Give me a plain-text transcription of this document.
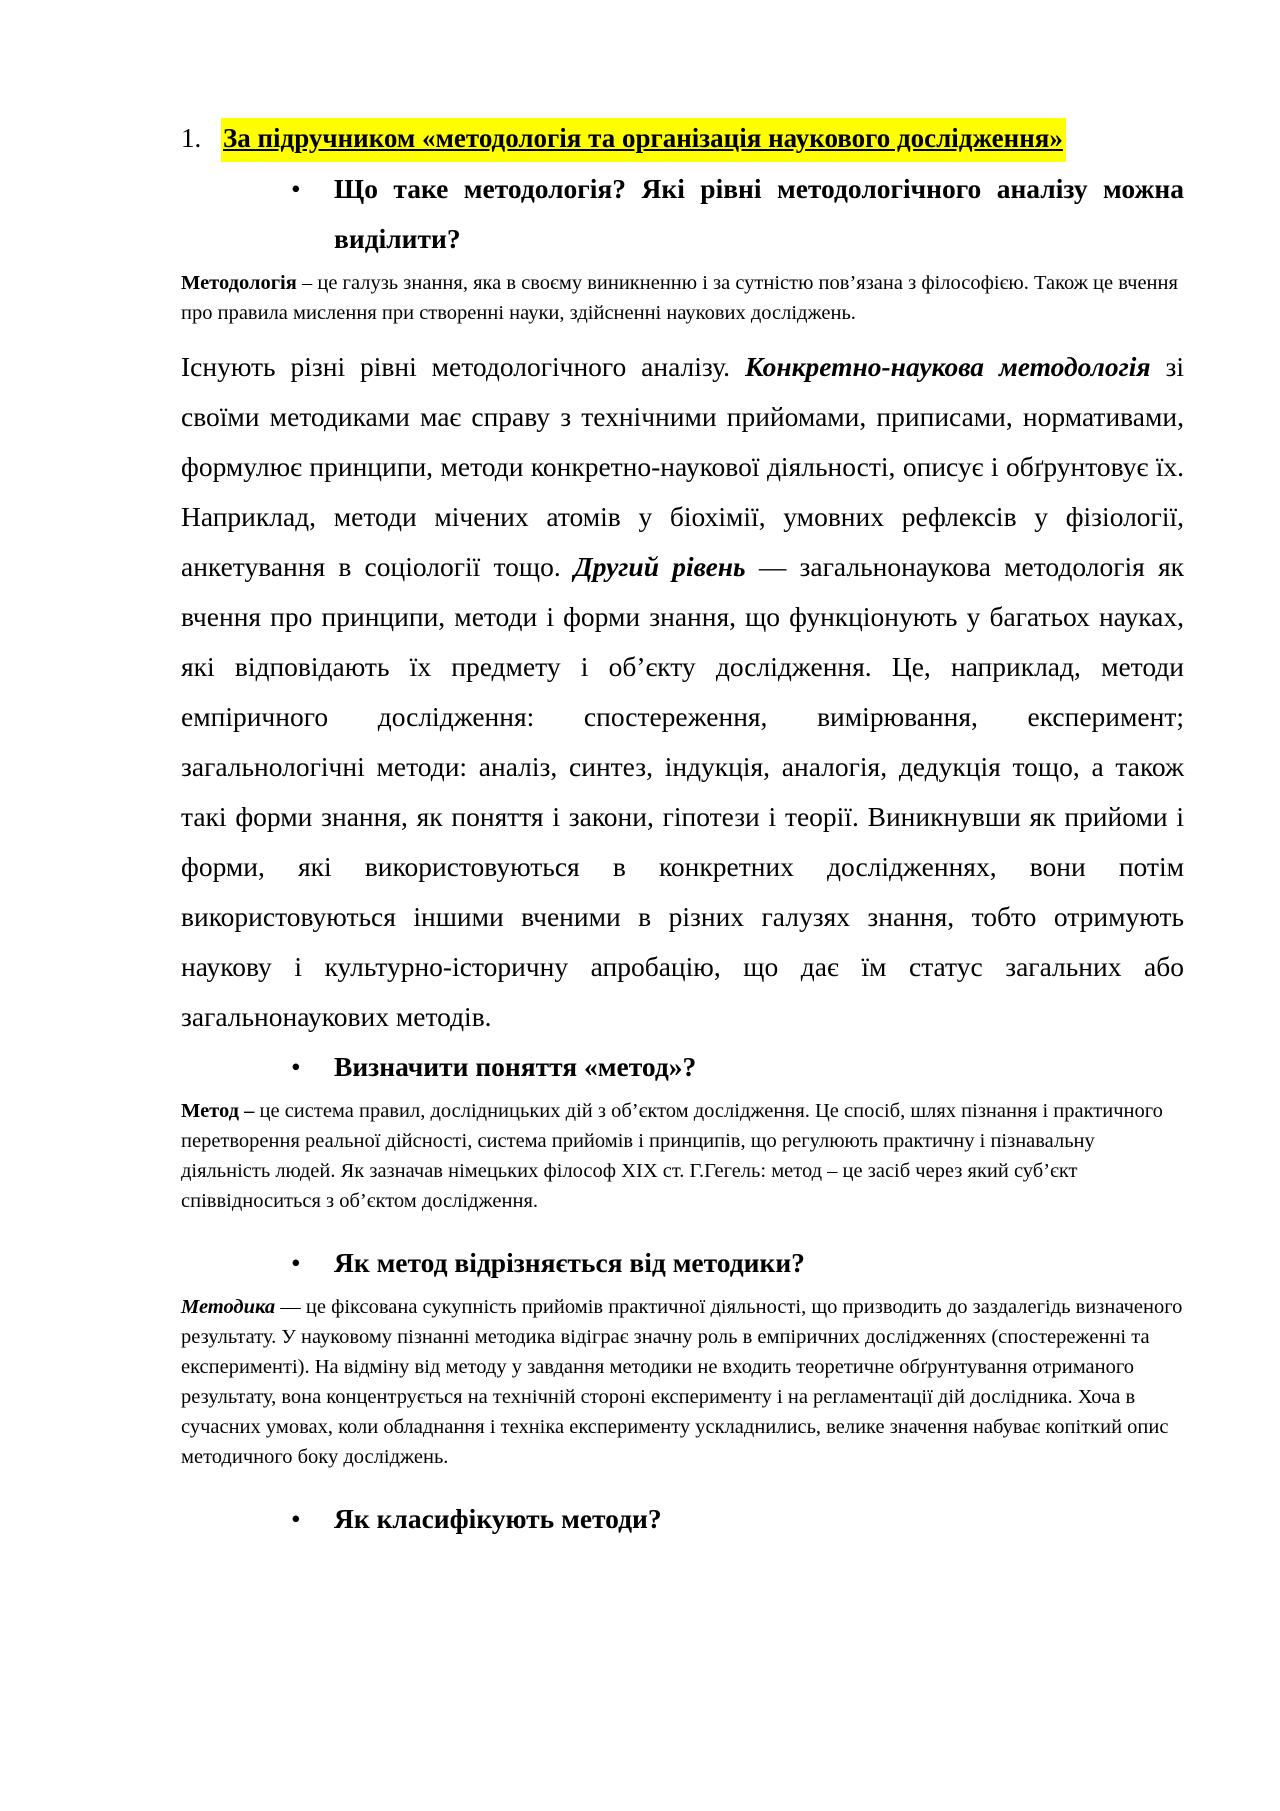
1. За підручником «методологія та організація наукового дослідження»
•	Що таке методологія? Які рівні методологічного аналізу можна виділити?

Методологія – це галузь знання, яка в своєму виникненню і за сутністю пов’язана з філософією. Також це вчення про правила мислення при створенні науки, здійсненні наукових досліджень.

Існують різні рівні методологічного аналізу. Конкретно-наукова методологія зі своїми методиками має справу з технічними прийомами, приписами, нормативами, формулює принципи, методи конкретно-наукової діяльності, описує і обґрунтовує їх. Наприклад, методи мічених атомів у біохімії, умовних рефлексів у фізіології, анкетування в соціології тощо. Другий рівень — загальнонаукова методологія як вчення про принципи, методи і форми знання, що функціонують у багатьох науках, які відповідають їх предмету і об’єкту дослідження. Це, наприклад, методи емпіричного дослідження: спостереження, вимірювання, експеримент; загальнологічні методи: аналіз, синтез, індукція, аналогія, дедукція тощо, а також такі форми знання, як поняття і закони, гіпотези і теорії. Виникнувши як прийоми і форми, які використовуються в конкретних дослідженнях, вони потім використовуються іншими вченими в різних галузях знання, тобто отримують наукову і культурно-історичну апробацію, що дає їм статус загальних або загальнонаукових методів.

•	Визначити поняття «метод»?

Метод – це система правил, дослідницьких дій з об’єктом дослідження. Це спосіб, шлях пізнання і практичного перетворення реальної дійсності, система прийомів і принципів, що регулюють практичну і пізнавальну діяльність людей. Як зазначав німецьких філософ XIX ст. Г.Гегель: метод – це засіб через який суб’єкт співвідноситься з об’єктом дослідження.

•	Як метод відрізняється від методики?

Методика — це фіксована сукупність прийомів практичної діяльності, що призводить до заздалегідь визначеного результату. У науковому пізнанні методика відіграє значну роль в емпіричних дослідженнях (спостереженні та експерименті). На відміну від методу у завдання методики не входить теоретичне обґрунтування отриманого результату, вона концентрується на технічній стороні експерименту і на регламентації дій дослідника. Хоча в сучасних умовах, коли обладнання і техніка експерименту ускладнились, велике значення набуває копіткий опис методичного боку досліджень.

•	Як класифікують методи?
